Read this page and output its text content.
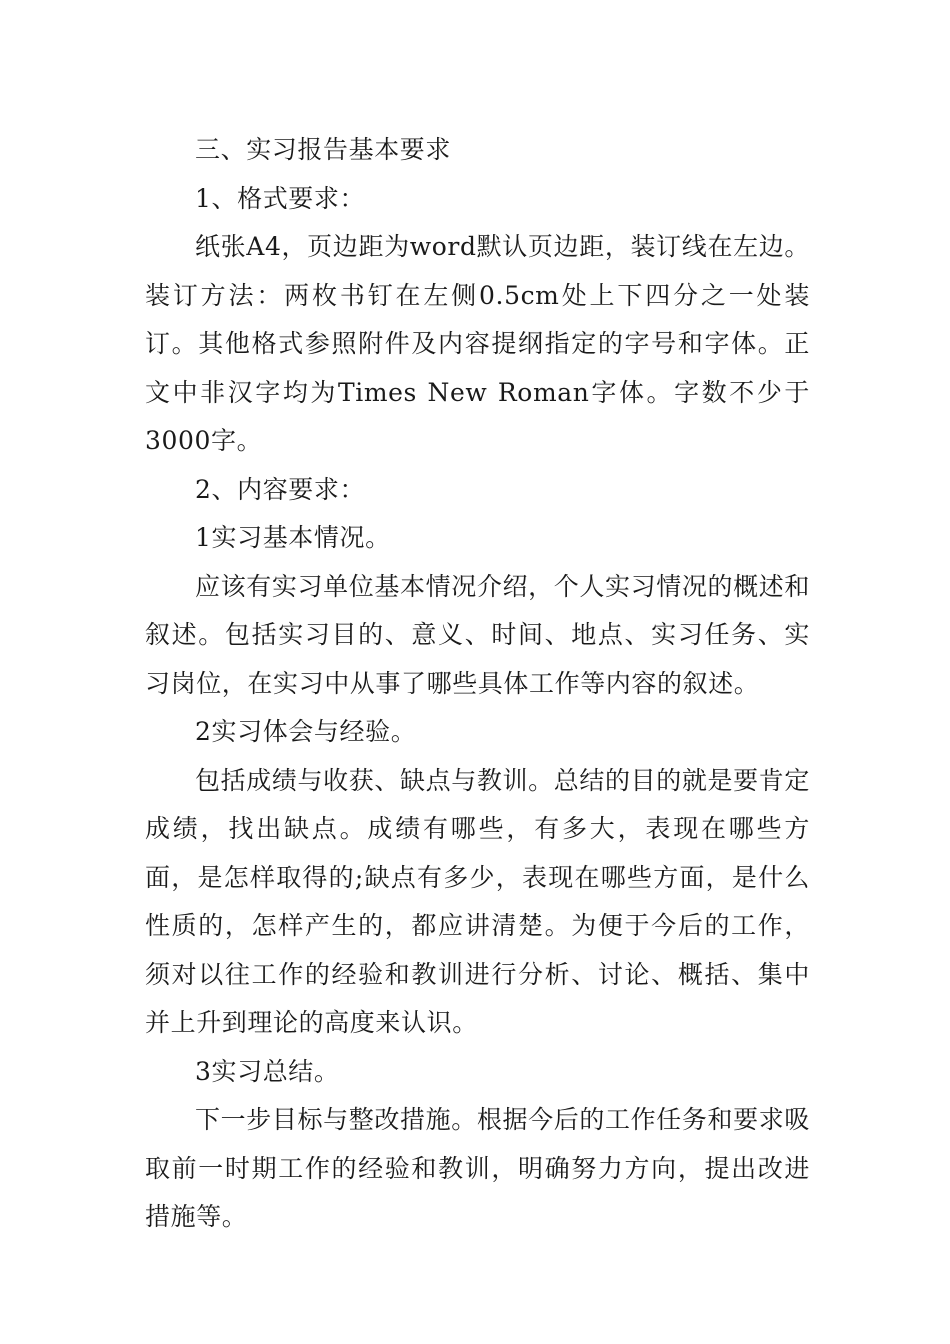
三、实习报告基本要求

1、格式要求：

纸张A4，页边距为word默认页边距，装订线在左边。装订方法：两枚书钉在左侧0.5cm处上下四分之一处装订。其他格式参照附件及内容提纲指定的字号和字体。正文中非汉字均为Times New Roman字体。字数不少于3000字。

2、内容要求：

1实习基本情况。

应该有实习单位基本情况介绍，个人实习情况的概述和叙述。包括实习目的、意义、时间、地点、实习任务、实习岗位，在实习中从事了哪些具体工作等内容的叙述。

2实习体会与经验。

包括成绩与收获、缺点与教训。总结的目的就是要肯定成绩，找出缺点。成绩有哪些，有多大，表现在哪些方面，是怎样取得的;缺点有多少，表现在哪些方面，是什么性质的，怎样产生的，都应讲清楚。为便于今后的工作，须对以往工作的经验和教训进行分析、讨论、概括、集中并上升到理论的高度来认识。

3实习总结。

下一步目标与整改措施。根据今后的工作任务和要求吸取前一时期工作的经验和教训，明确努力方向，提出改进措施等。
